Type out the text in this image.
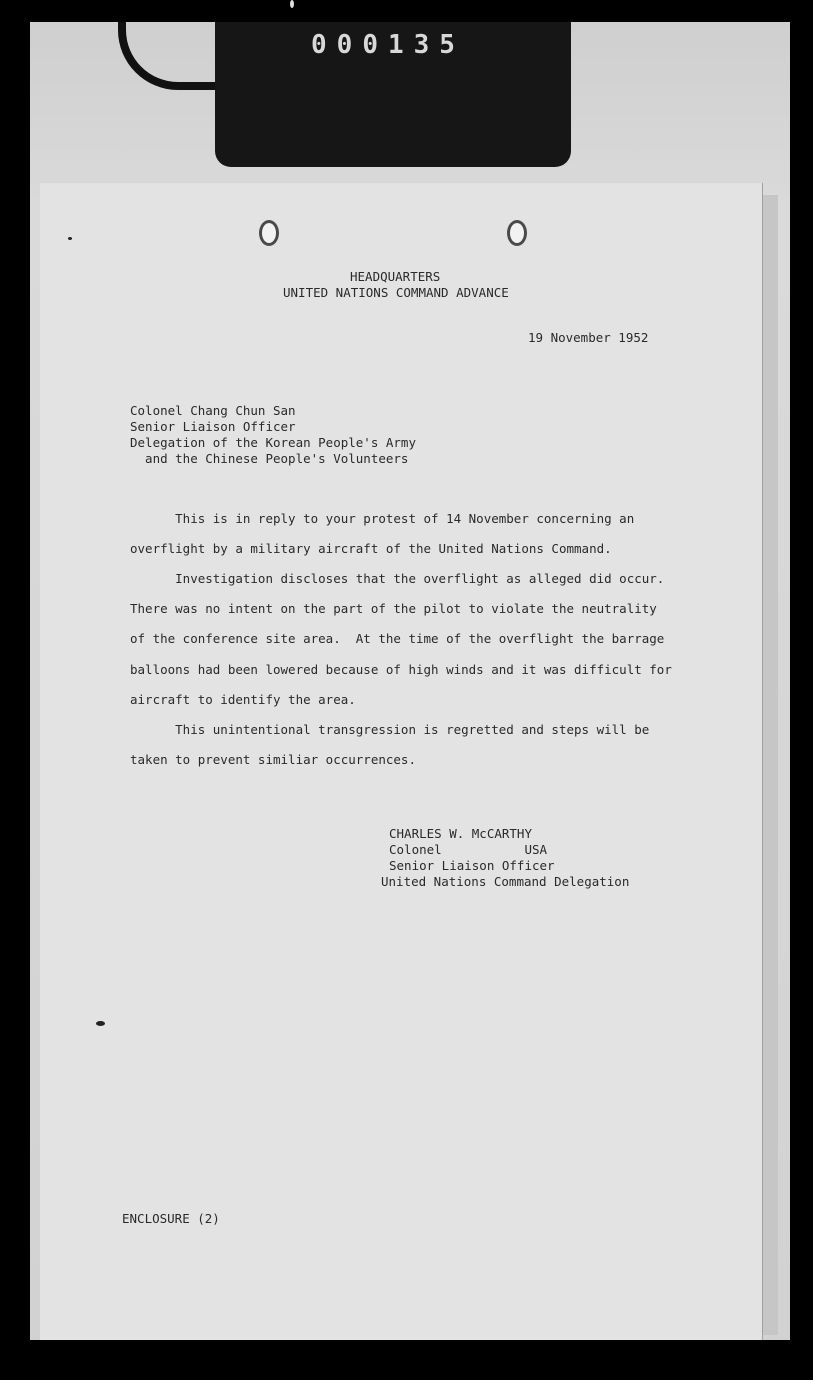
000135

HEADQUARTERS

UNITED NATIONS COMMAND ADVANCE

19 November 1952

Colonel Chang Chun San

Senior Liaison Officer

Delegation of the Korean People's Army

and the Chinese People's Volunteers

This is in reply to your protest of 14 November concerning an

overflight by a military aircraft of the United Nations Command.

Investigation discloses that the overflight as alleged did occur.

There was no intent on the part of the pilot to violate the neutrality

of the conference site area.  At the time of the overflight the barrage

balloons had been lowered because of high winds and it was difficult for

aircraft to identify the area.

This unintentional transgression is regretted and steps will be

taken to prevent similiar occurrences.

CHARLES W. McCARTHY

Colonel           USA

Senior Liaison Officer

United Nations Command Delegation

ENCLOSURE (2)
